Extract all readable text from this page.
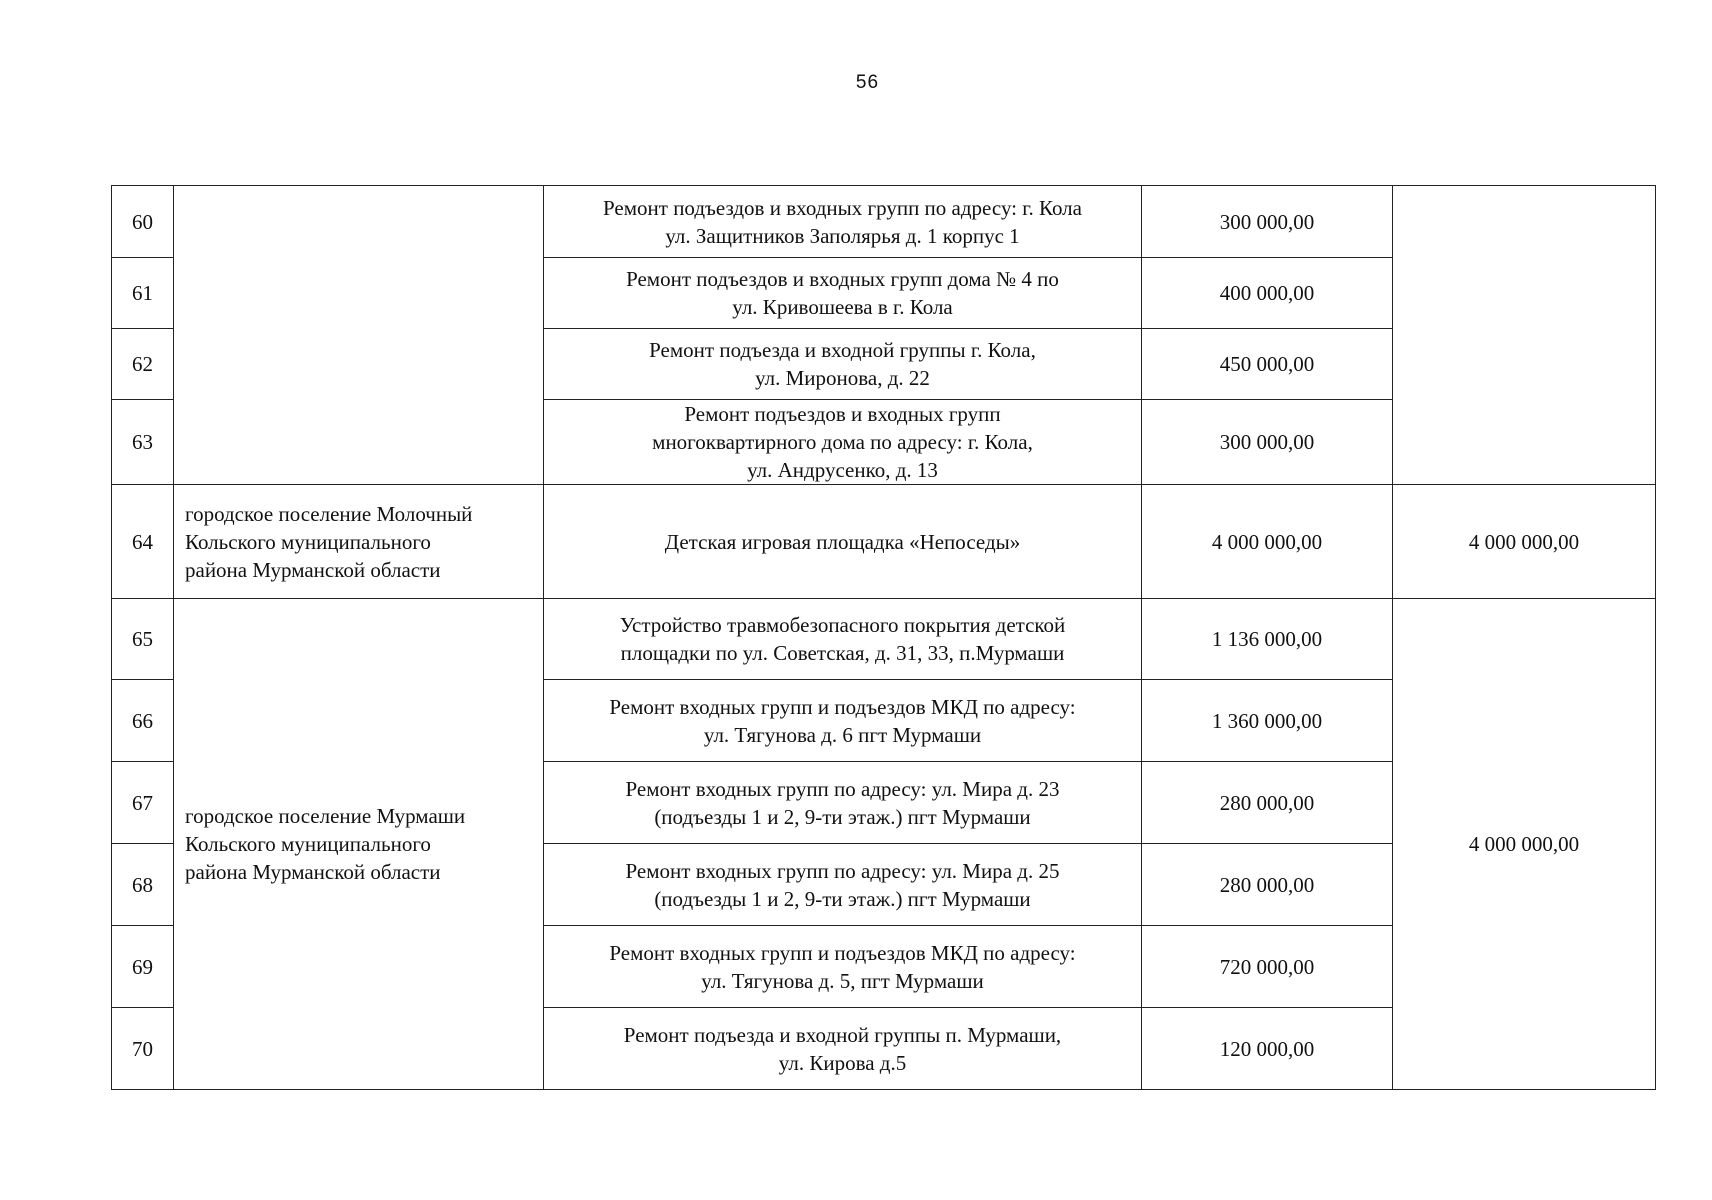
56
60		Ремонт подъездов и входных групп по адресу: г. Кола
ул. Защитников Заполярья д. 1 корпус 1	300 000,00	
61		Ремонт подъездов и входных групп дома № 4 по
ул. Кривошеева в г. Кола	400 000,00	
62		Ремонт подъезда и входной группы г. Кола,
ул. Миронова, д. 22	450 000,00	
63		Ремонт подъездов и входных групп
многоквартирного дома по адресу: г. Кола,
ул. Андрусенко, д. 13	300 000,00	
64	городское поселение Молочный
Кольского муниципального
района Мурманской области	Детская игровая площадка «Непоседы»	4 000 000,00	4 000 000,00
65	городское поселение Мурмаши
Кольского муниципального
района Мурманской области	Устройство травмобезопасного покрытия детской
площадки по ул. Советская, д. 31, 33, п.Мурмаши	1 136 000,00	4 000 000,00
66		Ремонт входных групп и подъездов МКД по адресу:
ул. Тягунова д. 6 пгт Мурмаши	1 360 000,00	
67		Ремонт входных групп по адресу: ул. Мира д. 23
(подъезды 1 и 2, 9-ти этаж.) пгт Мурмаши	280 000,00	
68		Ремонт входных групп по адресу: ул. Мира д. 25
(подъезды 1 и 2, 9-ти этаж.) пгт Мурмаши	280 000,00	
69		Ремонт входных групп и подъездов МКД по адресу:
ул. Тягунова д. 5, пгт Мурмаши	720 000,00	
70		Ремонт подъезда и входной группы п. Мурмаши,
ул. Кирова д.5	120 000,00	
